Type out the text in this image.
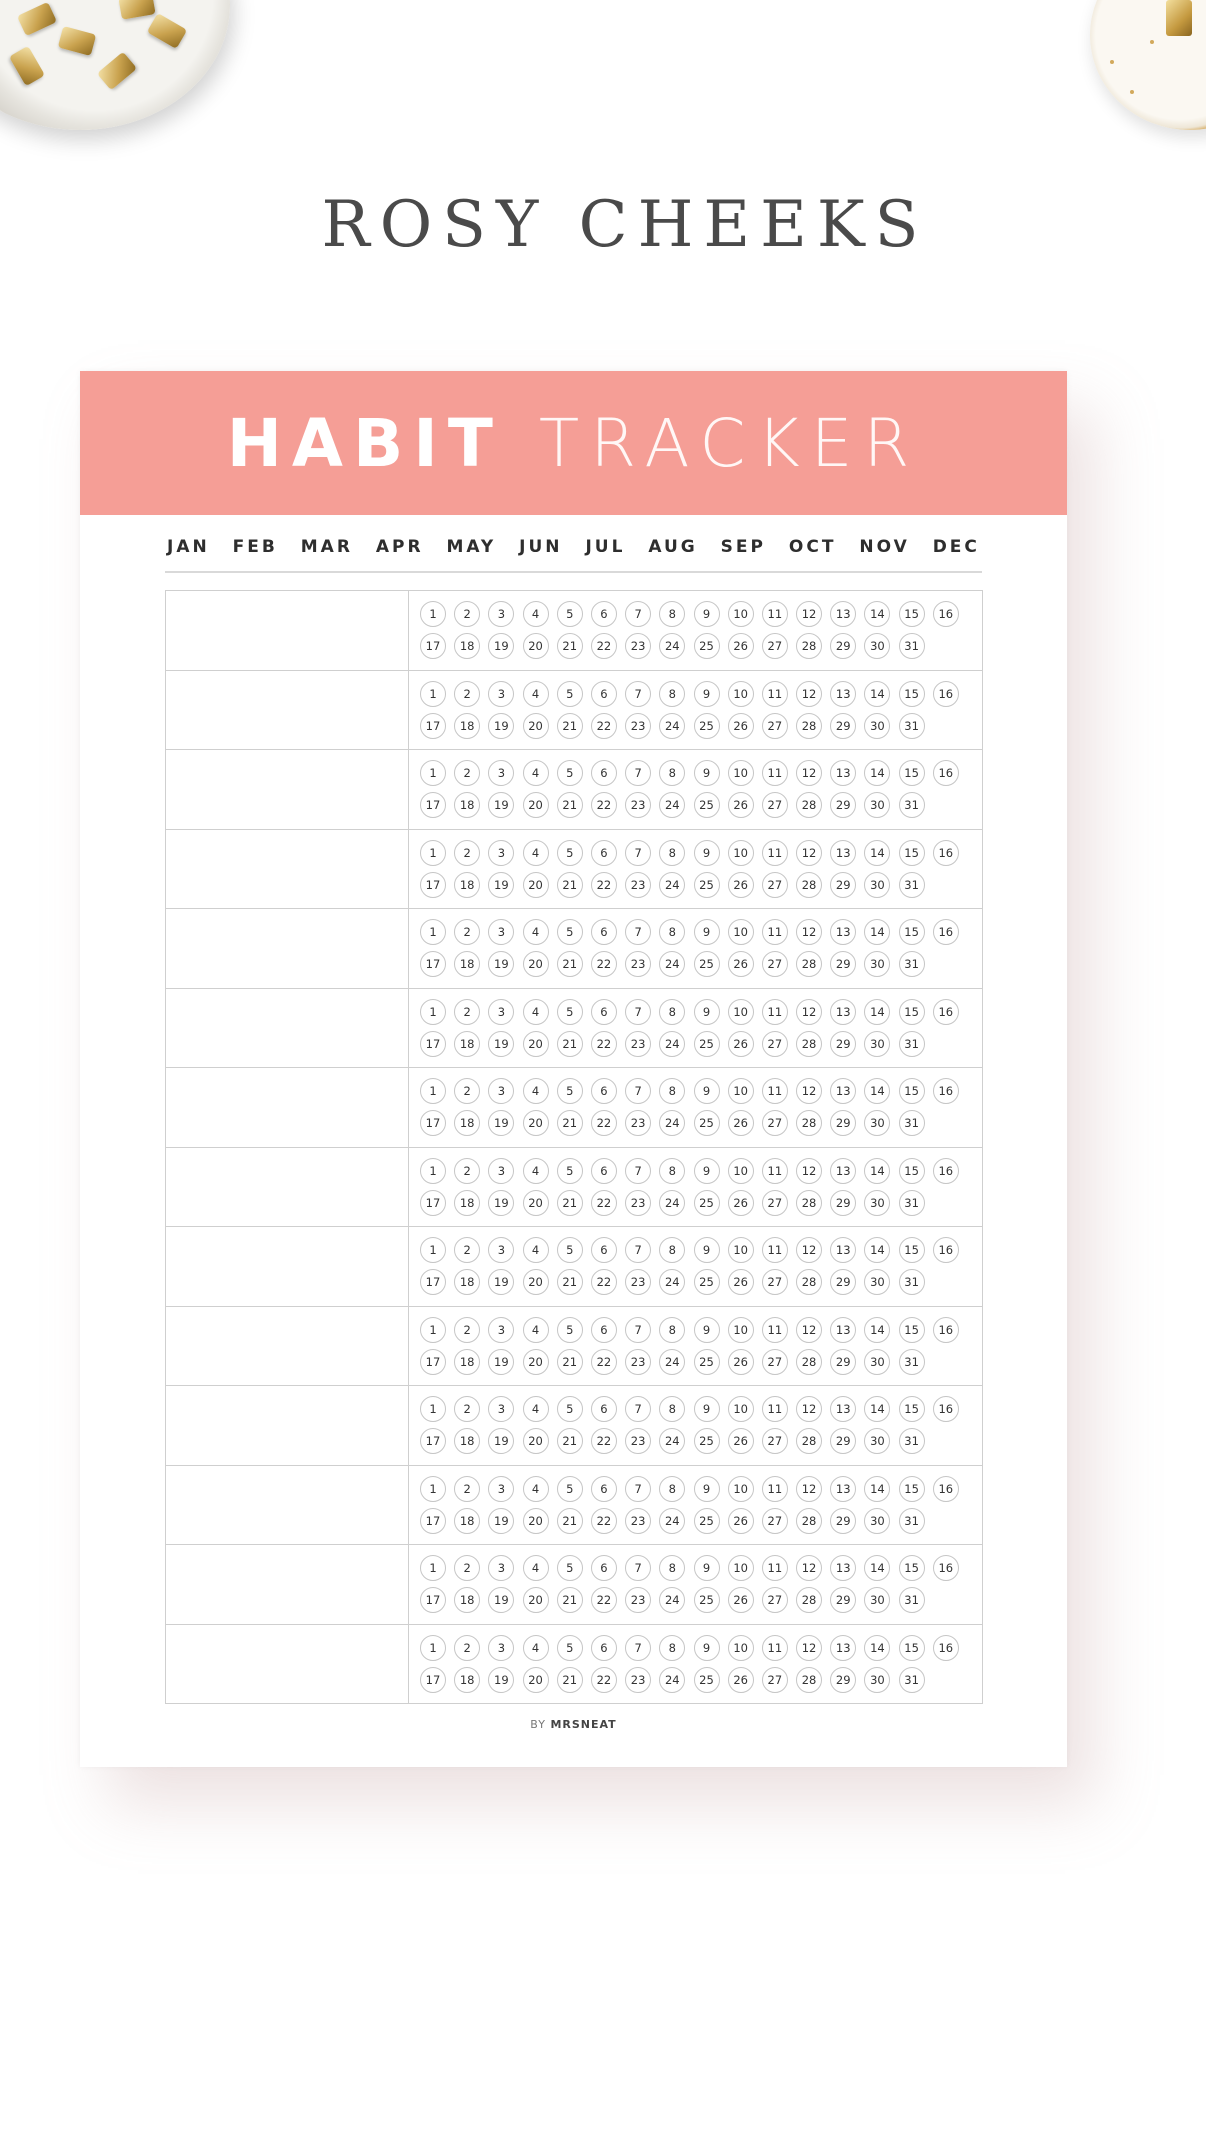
ROSY CHEEKS
HABIT TRACKER
JAN FEB MAR APR MAY JUN JUL AUG SEP OCT NOV DEC
1	2	3	4	5	6	7	8	9	10	11	12	13	14	15	16
17	18	19	20	21	22	23	24	25	26	27	28	29	30	31
1	2	3	4	5	6	7	8	9	10	11	12	13	14	15	16
17	18	19	20	21	22	23	24	25	26	27	28	29	30	31
1	2	3	4	5	6	7	8	9	10	11	12	13	14	15	16
17	18	19	20	21	22	23	24	25	26	27	28	29	30	31
1	2	3	4	5	6	7	8	9	10	11	12	13	14	15	16
17	18	19	20	21	22	23	24	25	26	27	28	29	30	31
1	2	3	4	5	6	7	8	9	10	11	12	13	14	15	16
17	18	19	20	21	22	23	24	25	26	27	28	29	30	31
1	2	3	4	5	6	7	8	9	10	11	12	13	14	15	16
17	18	19	20	21	22	23	24	25	26	27	28	29	30	31
1	2	3	4	5	6	7	8	9	10	11	12	13	14	15	16
17	18	19	20	21	22	23	24	25	26	27	28	29	30	31
1	2	3	4	5	6	7	8	9	10	11	12	13	14	15	16
17	18	19	20	21	22	23	24	25	26	27	28	29	30	31
1	2	3	4	5	6	7	8	9	10	11	12	13	14	15	16
17	18	19	20	21	22	23	24	25	26	27	28	29	30	31
1	2	3	4	5	6	7	8	9	10	11	12	13	14	15	16
17	18	19	20	21	22	23	24	25	26	27	28	29	30	31
1	2	3	4	5	6	7	8	9	10	11	12	13	14	15	16
17	18	19	20	21	22	23	24	25	26	27	28	29	30	31
1	2	3	4	5	6	7	8	9	10	11	12	13	14	15	16
17	18	19	20	21	22	23	24	25	26	27	28	29	30	31
1	2	3	4	5	6	7	8	9	10	11	12	13	14	15	16
17	18	19	20	21	22	23	24	25	26	27	28	29	30	31
1	2	3	4	5	6	7	8	9	10	11	12	13	14	15	16
17	18	19	20	21	22	23	24	25	26	27	28	29	30	31
BY MRSNEAT
